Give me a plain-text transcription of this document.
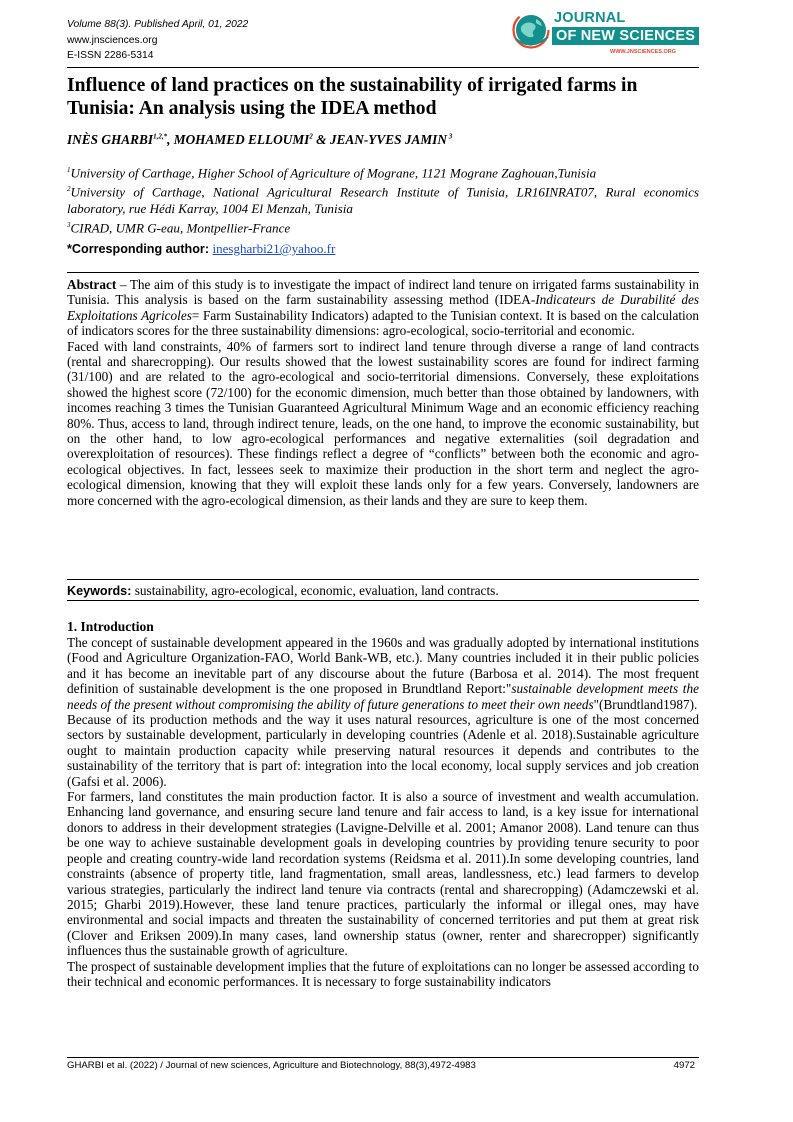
Volume 88(3). Published April, 01, 2022
www.jnsciences.org
E-ISSN 2286-5314
JOURNAL
OF NEW SCIENCES
WWW.JNSCIENCES.ORG
Influence of land practices on the sustainability of irrigated farms in Tunisia: An analysis using the IDEA method
INÈS $GHARBI^{1,2,*}$, MOHAMED ELLOUMI$^2$ & JEAN-YVES JAMIN $^3$

$^1$University of Carthage, Higher School of Agriculture of Mograne, 1121 Mograne Zaghouan,Tunisia

$^2$University of Carthage, National Agricultural Research Institute of Tunisia, LR16INRAT07, Rural economics laboratory, rue Hédi Karray, 1004 El Menzah, Tunisia

$^3$CIRAD, UMR G-eau, Montpellier-France

*Corresponding author: inesgharbi21@yahoo.fr

Abstract – The aim of this study is to investigate the impact of indirect land tenure on irrigated farms sustainability in Tunisia. This analysis is based on the farm sustainability assessing method (IDEA-Indicateurs de Durabilité des Exploitations Agricoles= Farm Sustainability Indicators) adapted to the Tunisian context. It is based on the calculation of indicators scores for the three sustainability dimensions: agro-ecological, socio-territorial and economic.

Faced with land constraints, 40% of farmers sort to indirect land tenure through diverse a range of land contracts (rental and sharecropping). Our results showed that the lowest sustainability scores are found for indirect farming (31/100) and are related to the agro-ecological and socio-territorial dimensions. Conversely, these exploitations showed the highest score (72/100) for the economic dimension, much better than those obtained by landowners, with incomes reaching 3 times the Tunisian Guaranteed Agricultural Minimum Wage and an economic efficiency reaching 80%. Thus, access to land, through indirect tenure, leads, on the one hand, to improve the economic sustainability, but on the other hand, to low agro-ecological performances and negative externalities (soil degradation and overexploitation of resources). These findings reflect a degree of “conflicts” between both the economic and agro-ecological objectives. In fact, lessees seek to maximize their production in the short term and neglect the agro-ecological dimension, knowing that they will exploit these lands only for a few years. Conversely, landowners are more concerned with the agro-ecological dimension, as their lands and they are sure to keep them.

Keywords: sustainability, agro-ecological, economic, evaluation, land contracts.
1. Introduction

The concept of sustainable development appeared in the 1960s and was gradually adopted by international institutions (Food and Agriculture Organization-FAO, World Bank-WB, etc.). Many countries included it in their public policies and it has become an inevitable part of any discourse about the future (Barbosa et al. 2014). The most frequent definition of sustainable development is the one proposed in Brundtland Report:"sustainable development meets the needs of the present without compromising the ability of future generations to meet their own needs"(Brundtland1987).

Because of its production methods and the way it uses natural resources, agriculture is one of the most concerned sectors by sustainable development, particularly in developing countries (Adenle et al. 2018).Sustainable agriculture ought to maintain production capacity while preserving natural resources it depends and contributes to the sustainability of the territory that is part of: integration into the local economy, local supply services and job creation (Gafsi et al. 2006).

For farmers, land constitutes the main production factor. It is also a source of investment and wealth accumulation. Enhancing land governance, and ensuring secure land tenure and fair access to land, is a key issue for international donors to address in their development strategies (Lavigne-Delville et al. 2001; Amanor 2008). Land tenure can thus be one way to achieve sustainable development goals in developing countries by providing tenure security to poor people and creating country-wide land recordation systems (Reidsma et al. 2011).In some developing countries, land constraints (absence of property title, land fragmentation, small areas, landlessness, etc.) lead farmers to develop various strategies, particularly the indirect land tenure via contracts (rental and sharecropping) (Adamczewski et al. 2015; Gharbi 2019).However, these land tenure practices, particularly the informal or illegal ones, may have environmental and social impacts and threaten the sustainability of concerned territories and put them at great risk (Clover and Eriksen 2009).In many cases, land ownership status (owner, renter and sharecropper) significantly influences thus the sustainable growth of agriculture.

The prospect of sustainable development implies that the future of exploitations can no longer be assessed according to their technical and economic performances. It is necessary to forge sustainability indicators

GHARBI et al. (2022) / Journal of new sciences, Agriculture and Biotechnology, 88(3),4972-4983	4972
